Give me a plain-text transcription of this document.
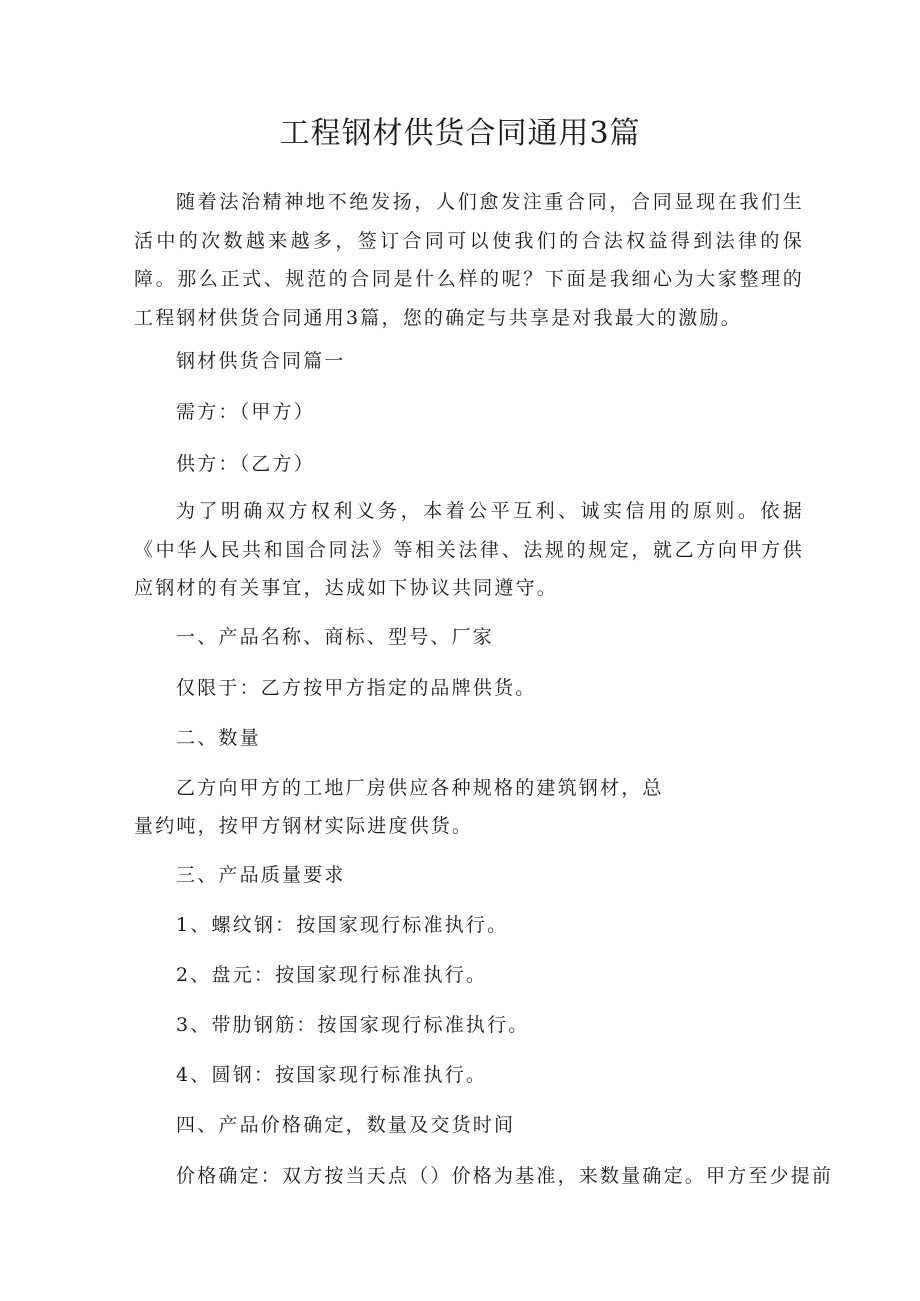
工程钢材供货合同通用3篇

随着法治精神地不绝发扬，人们愈发注重合同，合同显现在我们生活中的次数越来越多，签订合同可以使我们的合法权益得到法律的保障。那么正式、规范的合同是什么样的呢？下面是我细心为大家整理的工程钢材供货合同通用3篇，您的确定与共享是对我最大的激励。

钢材供货合同篇一

需方：（甲方）

供方：（乙方）

为了明确双方权利义务，本着公平互利、诚实信用的原则。依据《中华人民共和国合同法》等相关法律、法规的规定，就乙方向甲方供应钢材的有关事宜，达成如下协议共同遵守。

一、产品名称、商标、型号、厂家

仅限于：乙方按甲方指定的品牌供货。

二、数量

乙方向甲方的工地厂房供应各种规格的建筑钢材，总

量约吨，按甲方钢材实际进度供货。

三、产品质量要求

1、螺纹钢：按国家现行标准执行。

2、盘元：按国家现行标准执行。

3、带肋钢筋：按国家现行标准执行。

4、圆钢：按国家现行标准执行。

四、产品价格确定，数量及交货时间

价格确定：双方按当天点（）价格为基准，来数量确定。甲方至少提前
